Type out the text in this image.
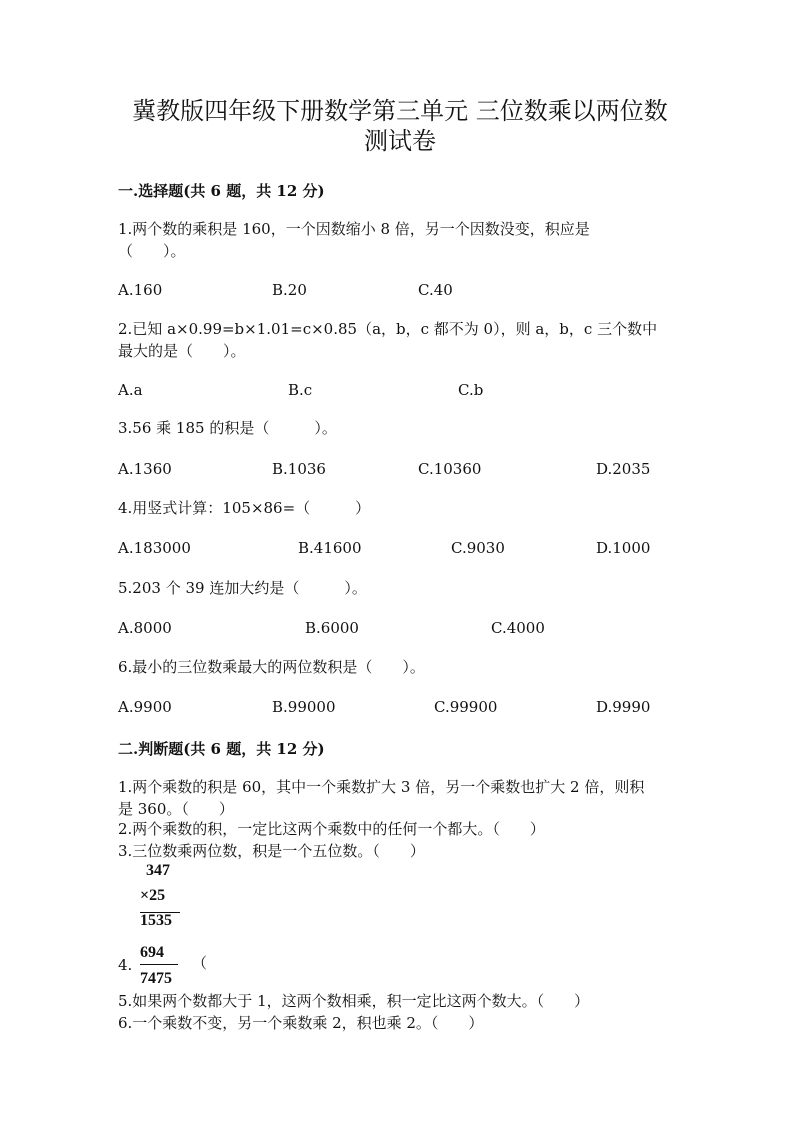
冀教版四年级下册数学第三单元 三位数乘以两位数
测试卷
一.选择题(共 6 题，共 12 分)
1.两个数的乘积是 160，一个因数缩小 8 倍，另一个因数没变，积应是
（　　）。
A.160	B.20	C.40
2.已知 a×0.99=b×1.01=c×0.85（a，b，c 都不为 0），则 a，b，c 三个数中
最大的是（　　）。
A.a	B.c	C.b
3.56 乘 185 的积是（　　　）。
A.1360	B.1036	C.10360	D.2035
4.用竖式计算：105×86=（　　　）
A.183000	B.41600	C.9030	D.1000
5.203 个 39 连加大约是（　　　）。
A.8000	B.6000	C.4000
6.最小的三位数乘最大的两位数积是（　　）。
A.9900	B.99000	C.99900	D.9990
二.判断题(共 6 题，共 12 分)
1.两个乘数的积是 60，其中一个乘数扩大 3 倍，另一个乘数也扩大 2 倍，则积
是 360。（　　）
2.两个乘数的积，一定比这两个乘数中的任何一个都大。（　　）
3.三位数乘两位数，积是一个五位数。（　　）
347
×25
1535
4.
694
7475
（
5.如果两个数都大于 1，这两个数相乘，积一定比这两个数大。（　　）
6.一个乘数不变，另一个乘数乘 2，积也乘 2。（　　）
